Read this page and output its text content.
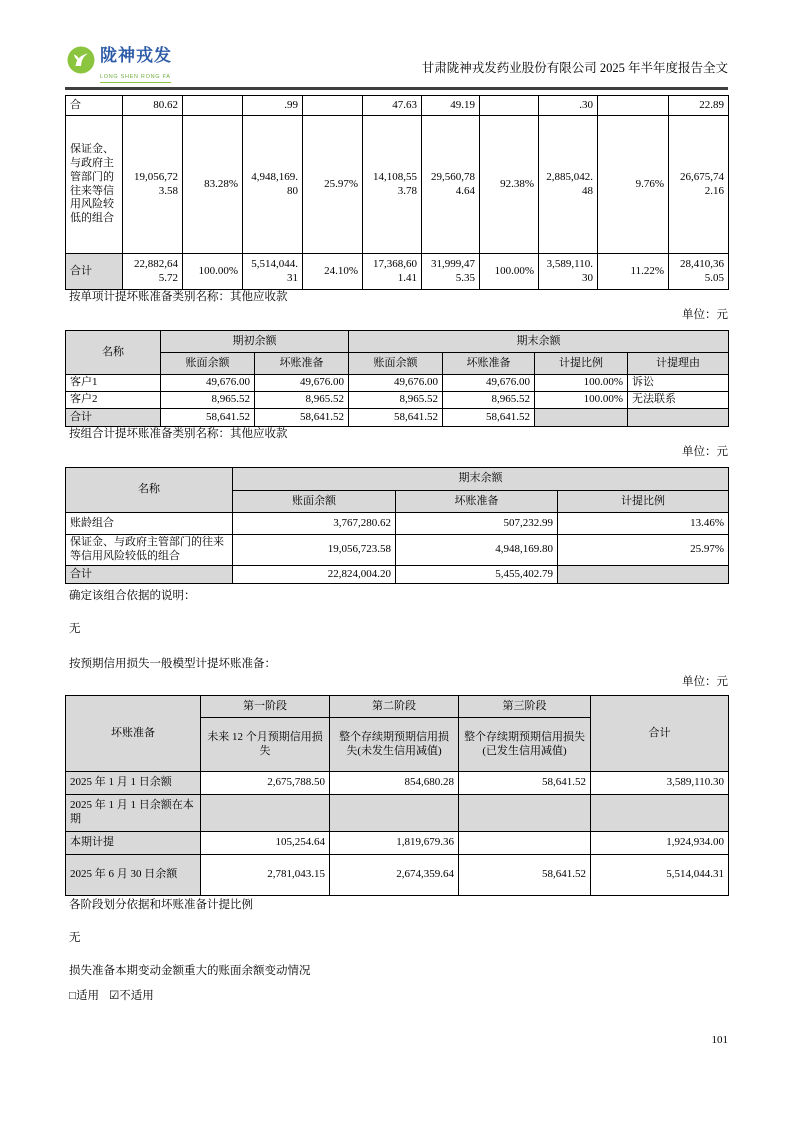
陇神戎发
LONG SHEN RONG FA
甘肃陇神戎发药业股份有限公司 2025 年半年度报告全文
合	80.62		.99		47.63	49.19		.30		22.89
保证金、与政府主管部门的往来等信用风险较低的组合	19,056,723.58	83.28%	4,948,169.80	25.97%	14,108,553.78	29,560,784.64	92.38%	2,885,042.48	9.76%	26,675,742.16
合计	22,882,645.72	100.00%	5,514,044.31	24.10%	17,368,601.41	31,999,475.35	100.00%	3,589,110.30	11.22%	28,410,365.05
按单项计提坏账准备类别名称：其他应收款
单位：元
名称	期初余额		期末余额			
	账面余额	坏账准备	账面余额	坏账准备	计提比例	计提理由
客户1	49,676.00	49,676.00	49,676.00	49,676.00	100.00%	诉讼
客户2	8,965.52	8,965.52	8,965.52	8,965.52	100.00%	无法联系
合计	58,641.52	58,641.52	58,641.52	58,641.52		
按组合计提坏账准备类别名称：其他应收款
单位：元
名称	期末余额		
	账面余额	坏账准备	计提比例
账龄组合	3,767,280.62	507,232.99	13.46%
保证金、与政府主管部门的往来等信用风险较低的组合	19,056,723.58	4,948,169.80	25.97%
合计	22,824,004.20	5,455,402.79	
确定该组合依据的说明：
无
按预期信用损失一般模型计提坏账准备：
单位：元
坏账准备	第一阶段	第二阶段	第三阶段	合计
	未来 12 个月预期信用损失	整个存续期预期信用损失(未发生信用减值)	整个存续期预期信用损失(已发生信用减值)	
2025 年 1 月 1 日余额	2,675,788.50	854,680.28	58,641.52	3,589,110.30
2025 年 1 月 1 日余额在本期				
本期计提	105,254.64	1,819,679.36		1,924,934.00
2025 年 6 月 30 日余额	2,781,043.15	2,674,359.64	58,641.52	5,514,044.31
各阶段划分依据和坏账准备计提比例
无
损失准备本期变动金额重大的账面余额变动情况
□适用 ☑不适用
101
